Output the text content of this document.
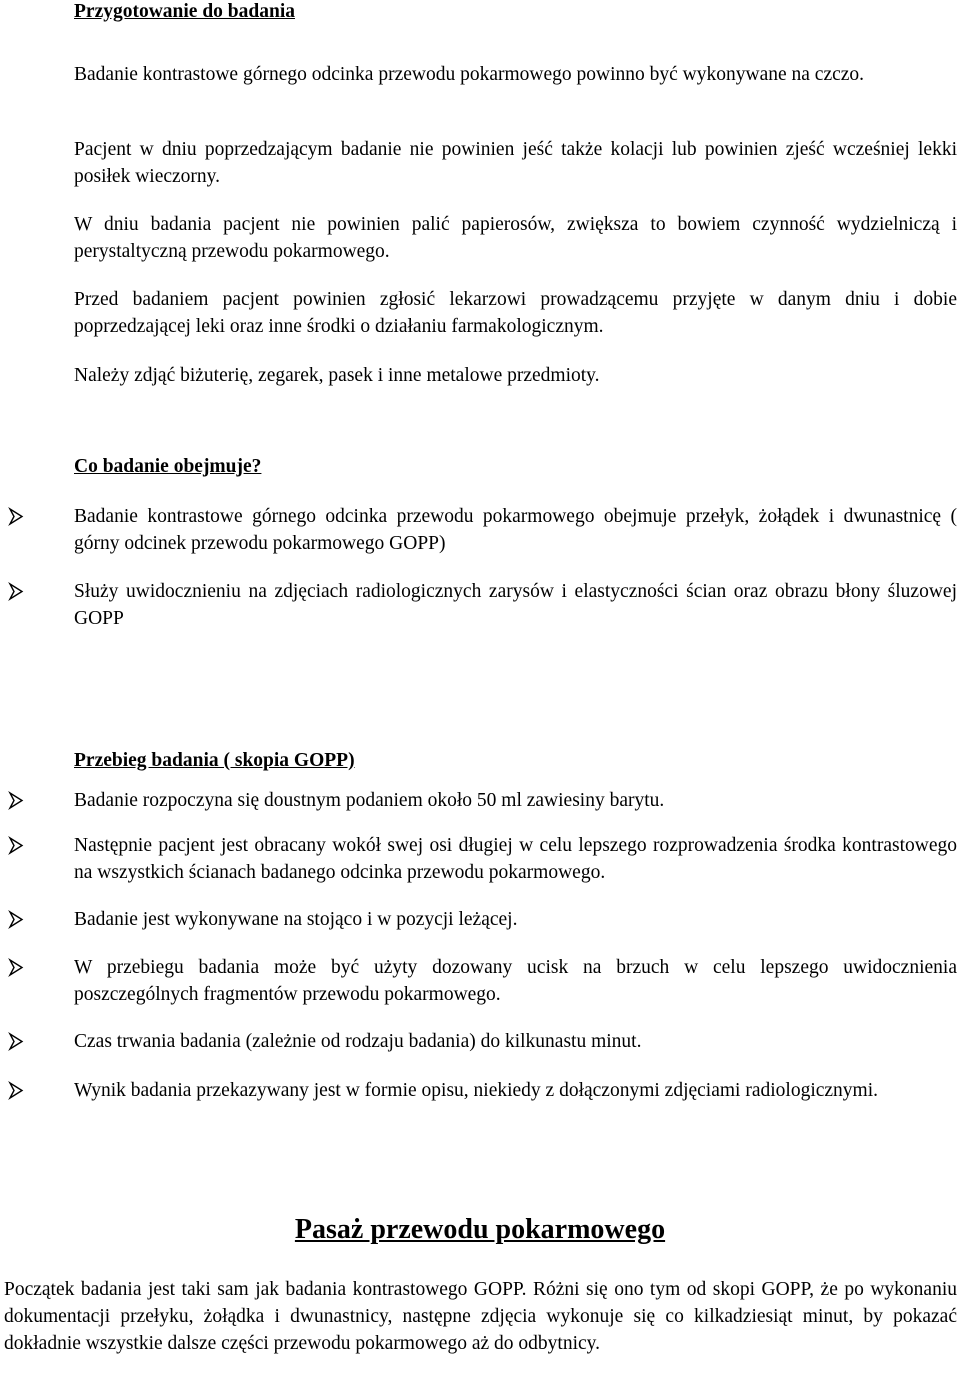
Przygotowanie do badania
Badanie kontrastowe górnego odcinka przewodu pokarmowego powinno być wykonywane na czczo.
Pacjent w dniu poprzedzającym badanie nie powinien jeść także kolacji lub powinien zjeść wcześniej lekki posiłek wieczorny.
W dniu badania pacjent nie powinien palić papierosów, zwiększa to bowiem czynność wydzielniczą i perystaltyczną przewodu pokarmowego.
Przed badaniem pacjent powinien zgłosić lekarzowi prowadzącemu przyjęte w danym dniu i dobie poprzedzającej leki oraz inne środki o działaniu farmakologicznym.
Należy zdjąć biżuterię, zegarek, pasek i inne metalowe przedmioty.
Co badanie obejmuje?
Badanie kontrastowe górnego odcinka przewodu pokarmowego obejmuje przełyk, żołądek i dwunastnicę ( górny odcinek przewodu pokarmowego GOPP)
Służy uwidocznieniu na zdjęciach radiologicznych zarysów i elastyczności ścian oraz obrazu błony śluzowej GOPP
Przebieg badania ( skopia GOPP)
Badanie rozpoczyna się doustnym podaniem około 50 ml zawiesiny barytu.
Następnie pacjent jest obracany wokół swej osi długiej w celu lepszego rozprowadzenia środka kontrastowego na wszystkich ścianach badanego odcinka przewodu pokarmowego.
Badanie jest wykonywane na stojąco i w pozycji leżącej.
W przebiegu badania może być użyty dozowany ucisk na brzuch w celu lepszego uwidocznienia poszczególnych fragmentów przewodu pokarmowego.
Czas trwania badania (zależnie od rodzaju badania) do kilkunastu minut.
Wynik badania przekazywany jest w formie opisu, niekiedy z dołączonymi zdjęciami radiologicznymi.
Pasaż przewodu pokarmowego
Początek badania jest taki sam jak badania kontrastowego GOPP. Różni się ono tym od skopi GOPP, że po wykonaniu dokumentacji przełyku, żołądka i dwunastnicy, następne zdjęcia wykonuje się co kilkadziesiąt minut, by pokazać dokładnie wszystkie dalsze części przewodu pokarmowego aż do odbytnicy.
